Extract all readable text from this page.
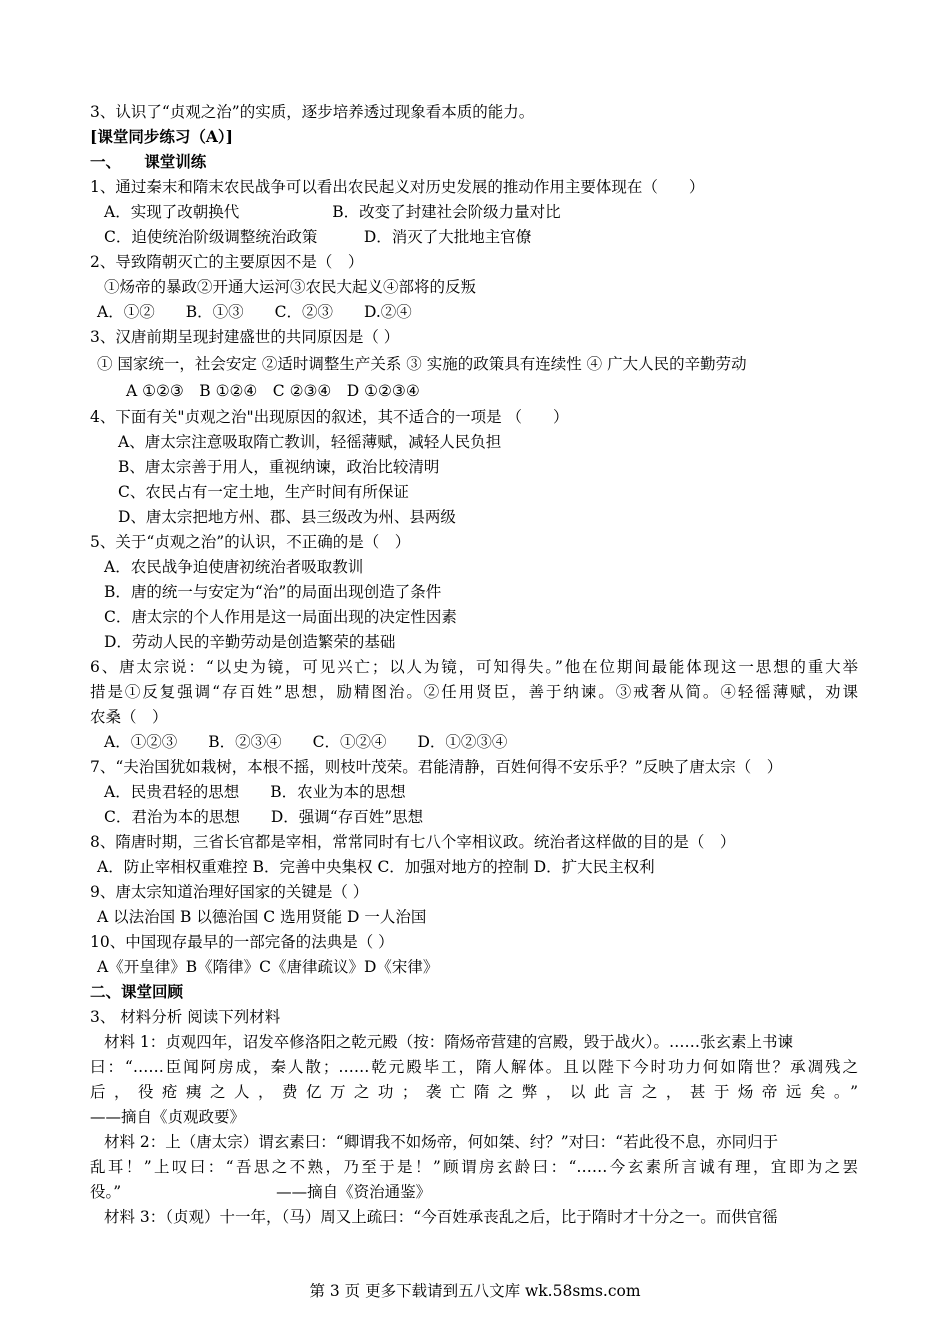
3、认识了“贞观之治”的实质，逐步培养透过现象看本质的能力。
[课堂同步练习（A）]
一、　　课堂训练
1、通过秦末和隋末农民战争可以看出农民起义对历史发展的推动作用主要体现在（　　）
A．实现了改朝换代　　　　　　B．改变了封建社会阶级力量对比
C．迫使统治阶级调整统治政策　　　D．消灭了大批地主官僚
2、导致隋朝灭亡的主要原因不是（　）
①炀帝的暴政②开通大运河③农民大起义④部将的反叛
A．①②　　B．①③　　C．②③　　D.②④
3、汉唐前期呈现封建盛世的共同原因是（ ）
① 国家统一，社会安定 ②适时调整生产关系 ③ 实施的政策具有连续性 ④ 广大人民的辛勤劳动
A ①②③　B ①②④　C ②③④　D ①②③④
4、下面有关"贞观之治"出现原因的叙述，其不适合的一项是 （　　）
A、唐太宗注意吸取隋亡教训，轻徭薄赋，减轻人民负担
B、唐太宗善于用人，重视纳谏，政治比较清明
C、农民占有一定土地，生产时间有所保证
D、唐太宗把地方州、郡、县三级改为州、县两级
5、关于“贞观之治”的认识，不正确的是（　）
A．农民战争迫使唐初统治者吸取教训
B．唐的统一与安定为“治”的局面出现创造了条件
C．唐太宗的个人作用是这一局面出现的决定性因素
D．劳动人民的辛勤劳动是创造繁荣的基础
6、唐太宗说：“以史为镜，可见兴亡；以人为镜，可知得失。”他在位期间最能体现这一思想的重大举
措是①反复强调“存百姓”思想，励精图治。②任用贤臣，善于纳谏。③戒奢从简。④轻徭薄赋，劝课
农桑（　）
A．①②③　　B．②③④　　C．①②④　　D．①②③④
7、“夫治国犹如栽树，本根不摇，则枝叶茂荣。君能清静，百姓何得不安乐乎？”反映了唐太宗（　）
A．民贵君轻的思想　　B．农业为本的思想
C．君治为本的思想　　D．强调“存百姓”思想
8、隋唐时期，三省长官都是宰相，常常同时有七八个宰相议政。统治者这样做的目的是（　）
A．防止宰相权重难控 B．完善中央集权 C．加强对地方的控制 D．扩大民主权利
9、唐太宗知道治理好国家的关键是（ ）
A 以法治国 B 以德治国 C 选用贤能 D 一人治国
10、中国现存最早的一部完备的法典是（ ）
A《开皇律》B《隋律》C《唐律疏议》D《宋律》
二、课堂回顾
3、 材料分析 阅读下列材料
材料 1：贞观四年，诏发卒修洛阳之乾元殿（按：隋炀帝营建的宫殿，毁于战火）。……张玄素上书谏
曰：“……臣闻阿房成，秦人散；……乾元殿毕工，隋人解体。且以陛下今时功力何如隋世？承凋残之
后，役疮痍之人，费亿万之功；袭亡隋之弊，以此言之，甚于炀帝远矣。”
——摘自《贞观政要》
材料 2：上（唐太宗）谓玄素曰：“卿谓我不如炀帝，何如桀、纣？”对曰：“若此役不息，亦同归于
乱耳！”上叹曰：“吾思之不熟，乃至于是！”顾谓房玄龄曰：“……今玄素所言诚有理，宜即为之罢
役。”　　　　　　　　　　——摘自《资治通鉴》
材料 3：（贞观）十一年，（马）周又上疏曰：“今百姓承丧乱之后，比于隋时才十分之一。而供官徭
第 3 页 更多下载请到五八文库 wk.58sms.com
